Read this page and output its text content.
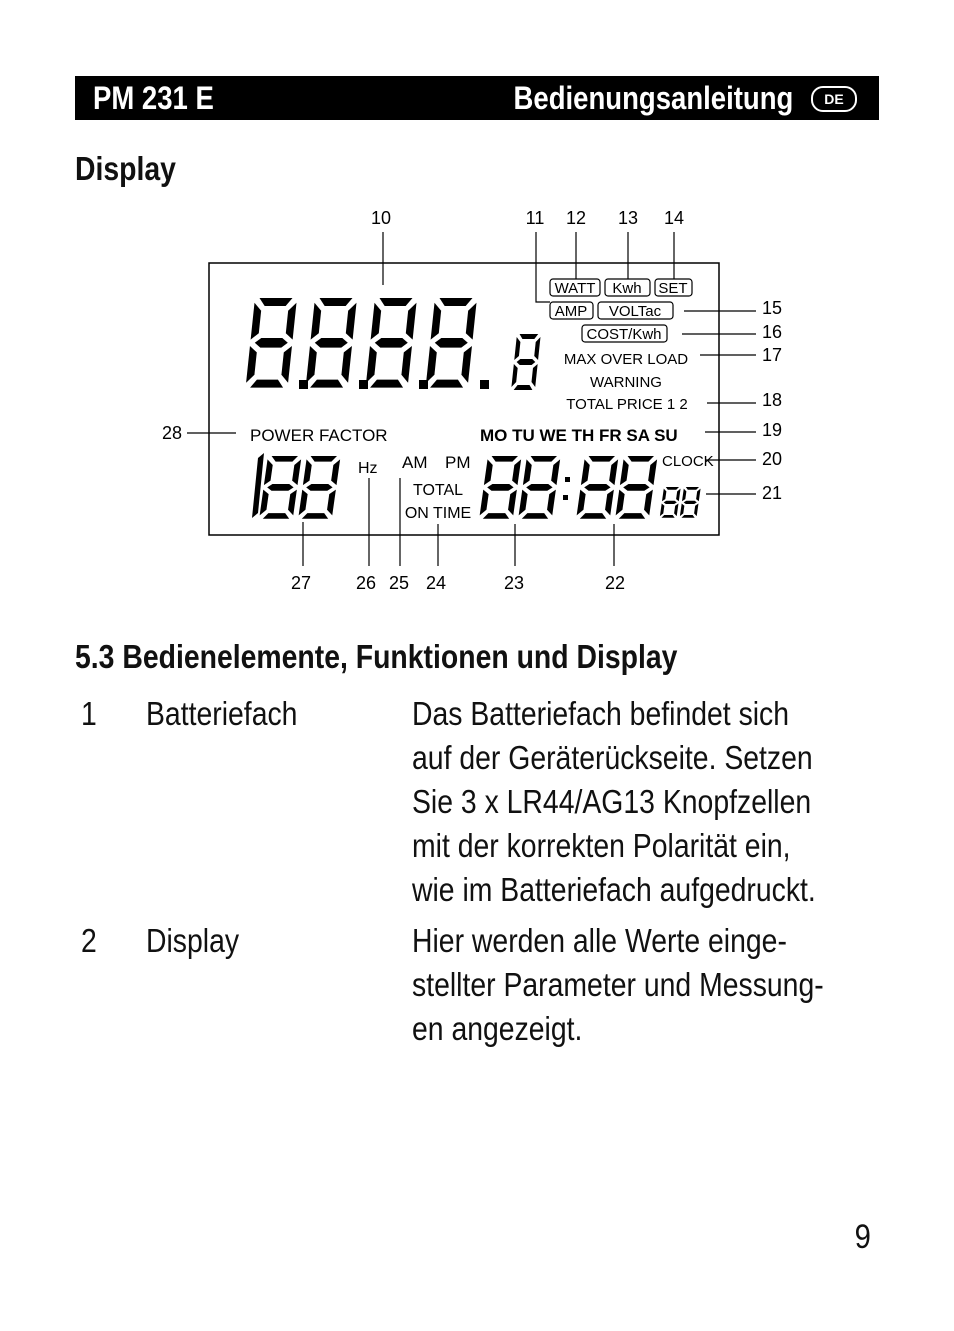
PM 231 E	Bedienungsanleitung	DE
Display
WATT Kwh SET
AMP VOLTac
COST/Kwh
MAX OVER LOAD
WARNING
TOTAL PRICE 1 2
POWER FACTOR	MO TU WE TH FR SA SU
CLOCK
Hz AM PM
TOTAL
ON TIME
10	11 12 13 14
15
16
17
18
19
20
21
22
23
24
25
26
27
28
5.3 Bedienelemente, Funktionen und Display
1 Batteriefach	Das Batteriefach befindet sich
auf der Geräterückseite. Setzen
Sie 3 x LR44/AG13 Knopfzellen
mit der korrekten Polarität ein,
wie im Batteriefach aufgedruckt.
2 Display	Hier werden alle Werte einge-
stellter Parameter und Messung-
en angezeigt.
9
